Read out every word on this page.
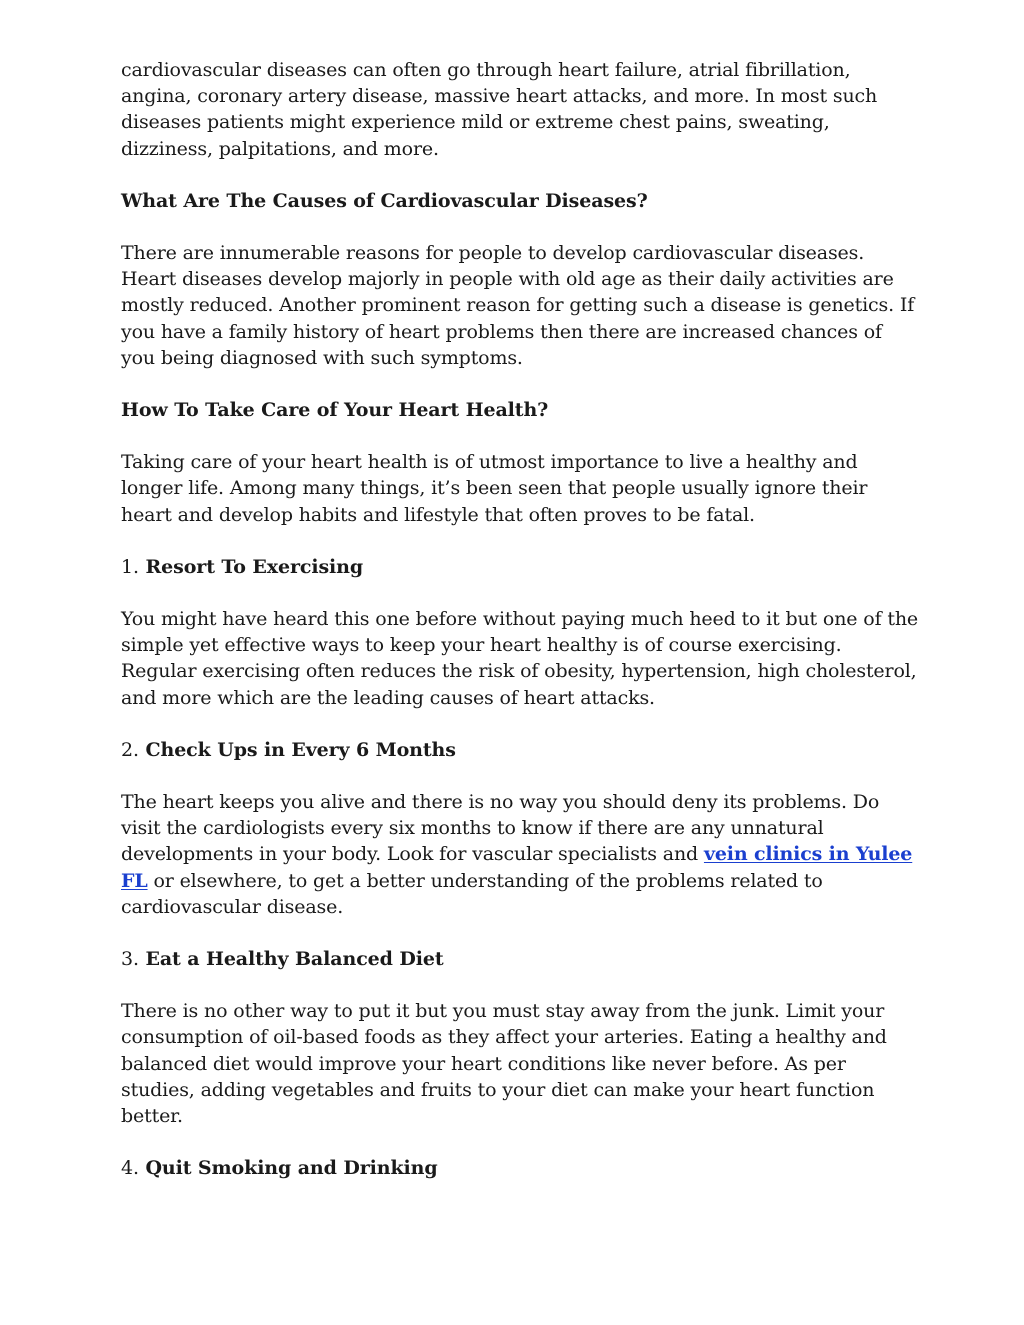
cardiovascular diseases can often go through heart failure, atrial fibrillation, angina, coronary artery disease, massive heart attacks, and more. In most such diseases patients might experience mild or extreme chest pains, sweating, dizziness, palpitations, and more.

What Are The Causes of Cardiovascular Diseases?

There are innumerable reasons for people to develop cardiovascular diseases. Heart diseases develop majorly in people with old age as their daily activities are mostly reduced. Another prominent reason for getting such a disease is genetics. If you have a family history of heart problems then there are increased chances of you being diagnosed with such symptoms.

How To Take Care of Your Heart Health?

Taking care of your heart health is of utmost importance to live a healthy and longer life. Among many things, it’s been seen that people usually ignore their heart and develop habits and lifestyle that often proves to be fatal.

1. Resort To Exercising

You might have heard this one before without paying much heed to it but one of the simple yet effective ways to keep your heart healthy is of course exercising. Regular exercising often reduces the risk of obesity, hypertension, high cholesterol, and more which are the leading causes of heart attacks.

2. Check Ups in Every 6 Months

The heart keeps you alive and there is no way you should deny its problems. Do visit the cardiologists every six months to know if there are any unnatural developments in your body. Look for vascular specialists and vein clinics in Yulee FL or elsewhere, to get a better understanding of the problems related to cardiovascular disease.

3. Eat a Healthy Balanced Diet

There is no other way to put it but you must stay away from the junk. Limit your consumption of oil-based foods as they affect your arteries. Eating a healthy and balanced diet would improve your heart conditions like never before. As per studies, adding vegetables and fruits to your diet can make your heart function better.

4. Quit Smoking and Drinking
